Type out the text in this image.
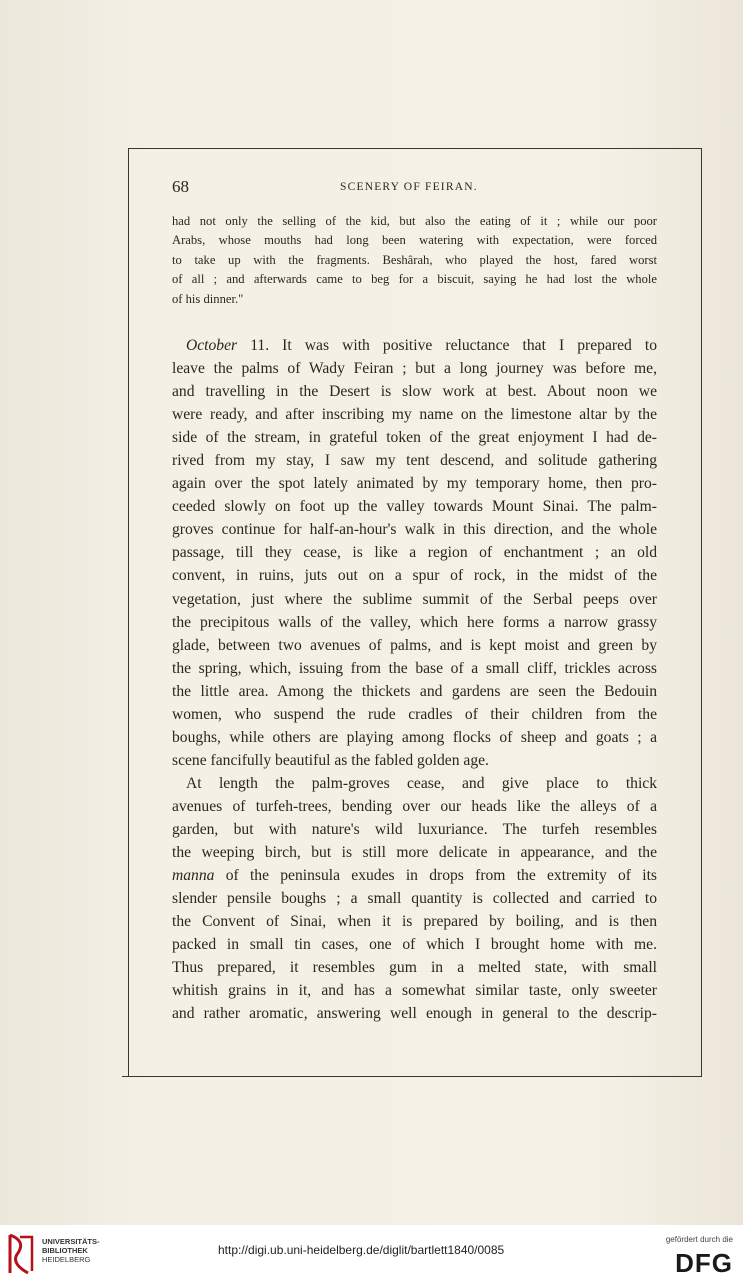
68	SCENERY OF FEIRAN.
had not only the selling of the kid, but also the eating of it ; while our poor
Arabs, whose mouths had long been watering with expectation, were forced
to take up with the fragments. Beshârah, who played the host, fared worst
of all ; and afterwards came to beg for a biscuit, saying he had lost the whole
of his dinner."
October 11. It was with positive reluctance that I prepared to
leave the palms of Wady Feiran ; but a long journey was before me,
and travelling in the Desert is slow work at best. About noon we
were ready, and after inscribing my name on the limestone altar by the
side of the stream, in grateful token of the great enjoyment I had de-
rived from my stay, I saw my tent descend, and solitude gathering
again over the spot lately animated by my temporary home, then pro-
ceeded slowly on foot up the valley towards Mount Sinai. The palm-
groves continue for half-an-hour's walk in this direction, and the whole
passage, till they cease, is like a region of enchantment ; an old
convent, in ruins, juts out on a spur of rock, in the midst of the
vegetation, just where the sublime summit of the Serbal peeps over
the precipitous walls of the valley, which here forms a narrow grassy
glade, between two avenues of palms, and is kept moist and green by
the spring, which, issuing from the base of a small cliff, trickles across
the little area. Among the thickets and gardens are seen the Bedouin
women, who suspend the rude cradles of their children from the
boughs, while others are playing among flocks of sheep and goats ; a
scene fancifully beautiful as the fabled golden age.
At length the palm-groves cease, and give place to thick
avenues of turfeh-trees, bending over our heads like the alleys of a
garden, but with nature's wild luxuriance. The turfeh resembles
the weeping birch, but is still more delicate in appearance, and the
manna of the peninsula exudes in drops from the extremity of its
slender pensile boughs ; a small quantity is collected and carried to
the Convent of Sinai, when it is prepared by boiling, and is then
packed in small tin cases, one of which I brought home with me.
Thus prepared, it resembles gum in a melted state, with small
whitish grains in it, and has a somewhat similar taste, only sweeter
and rather aromatic, answering well enough in general to the descrip-
UNIVERSITÄTS-
BIBLIOTHEK
HEIDELBERG
http://digi.ub.uni-heidelberg.de/diglit/bartlett1840/0085
gefördert durch die
DFG
